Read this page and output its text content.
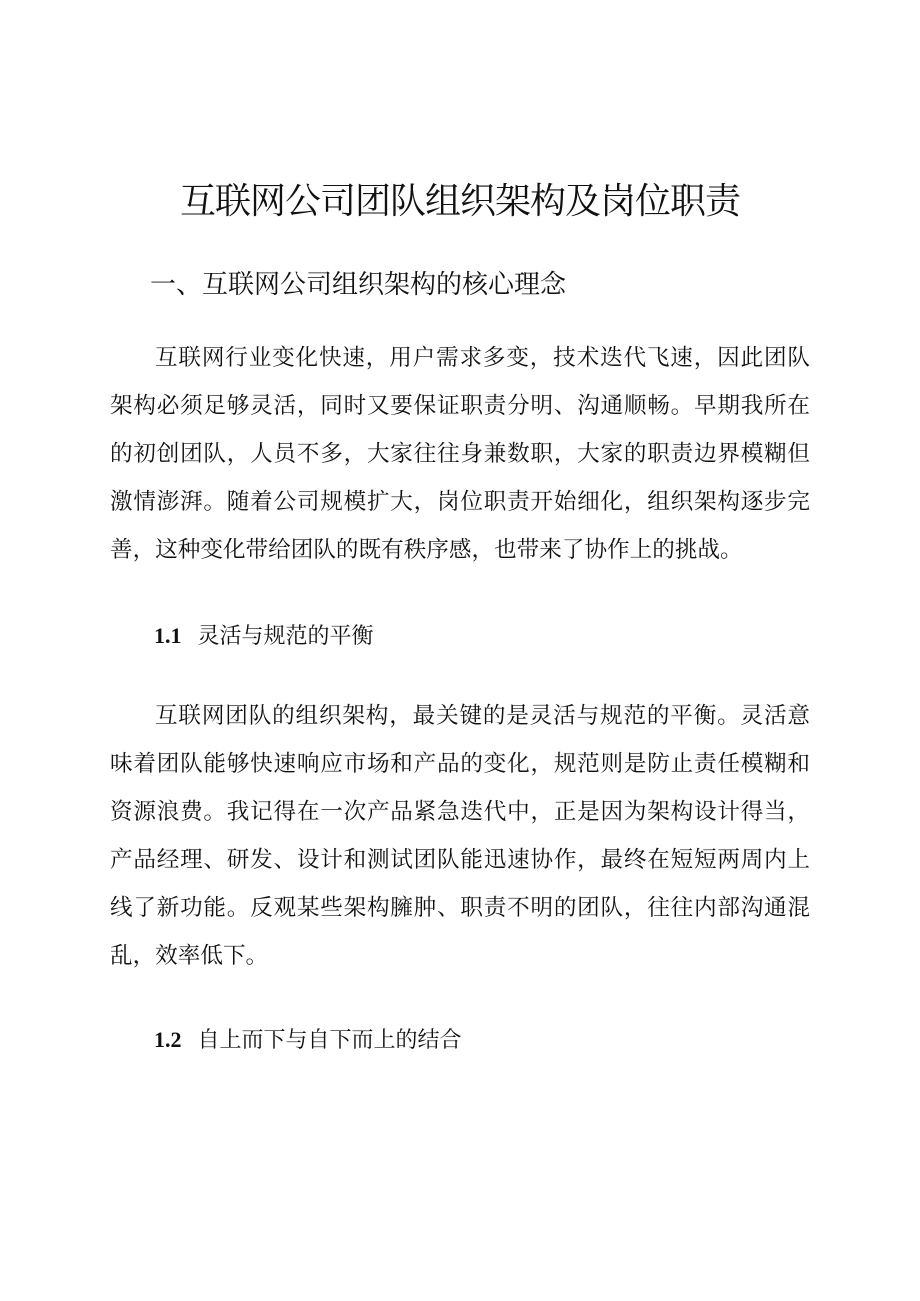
互联网公司团队组织架构及岗位职责
一、互联网公司组织架构的核心理念

互联网行业变化快速，用户需求多变，技术迭代飞速，因此团队架构必须足够灵活，同时又要保证职责分明、沟通顺畅。早期我所在的初创团队，人员不多，大家往往身兼数职，大家的职责边界模糊但激情澎湃。随着公司规模扩大，岗位职责开始细化，组织架构逐步完善，这种变化带给团队的既有秩序感，也带来了协作上的挑战。

1.1 灵活与规范的平衡

互联网团队的组织架构，最关键的是灵活与规范的平衡。灵活意味着团队能够快速响应市场和产品的变化，规范则是防止责任模糊和资源浪费。我记得在一次产品紧急迭代中，正是因为架构设计得当，产品经理、研发、设计和测试团队能迅速协作，最终在短短两周内上线了新功能。反观某些架构臃肿、职责不明的团队，往往内部沟通混乱，效率低下。

1.2 自上而下与自下而上的结合
